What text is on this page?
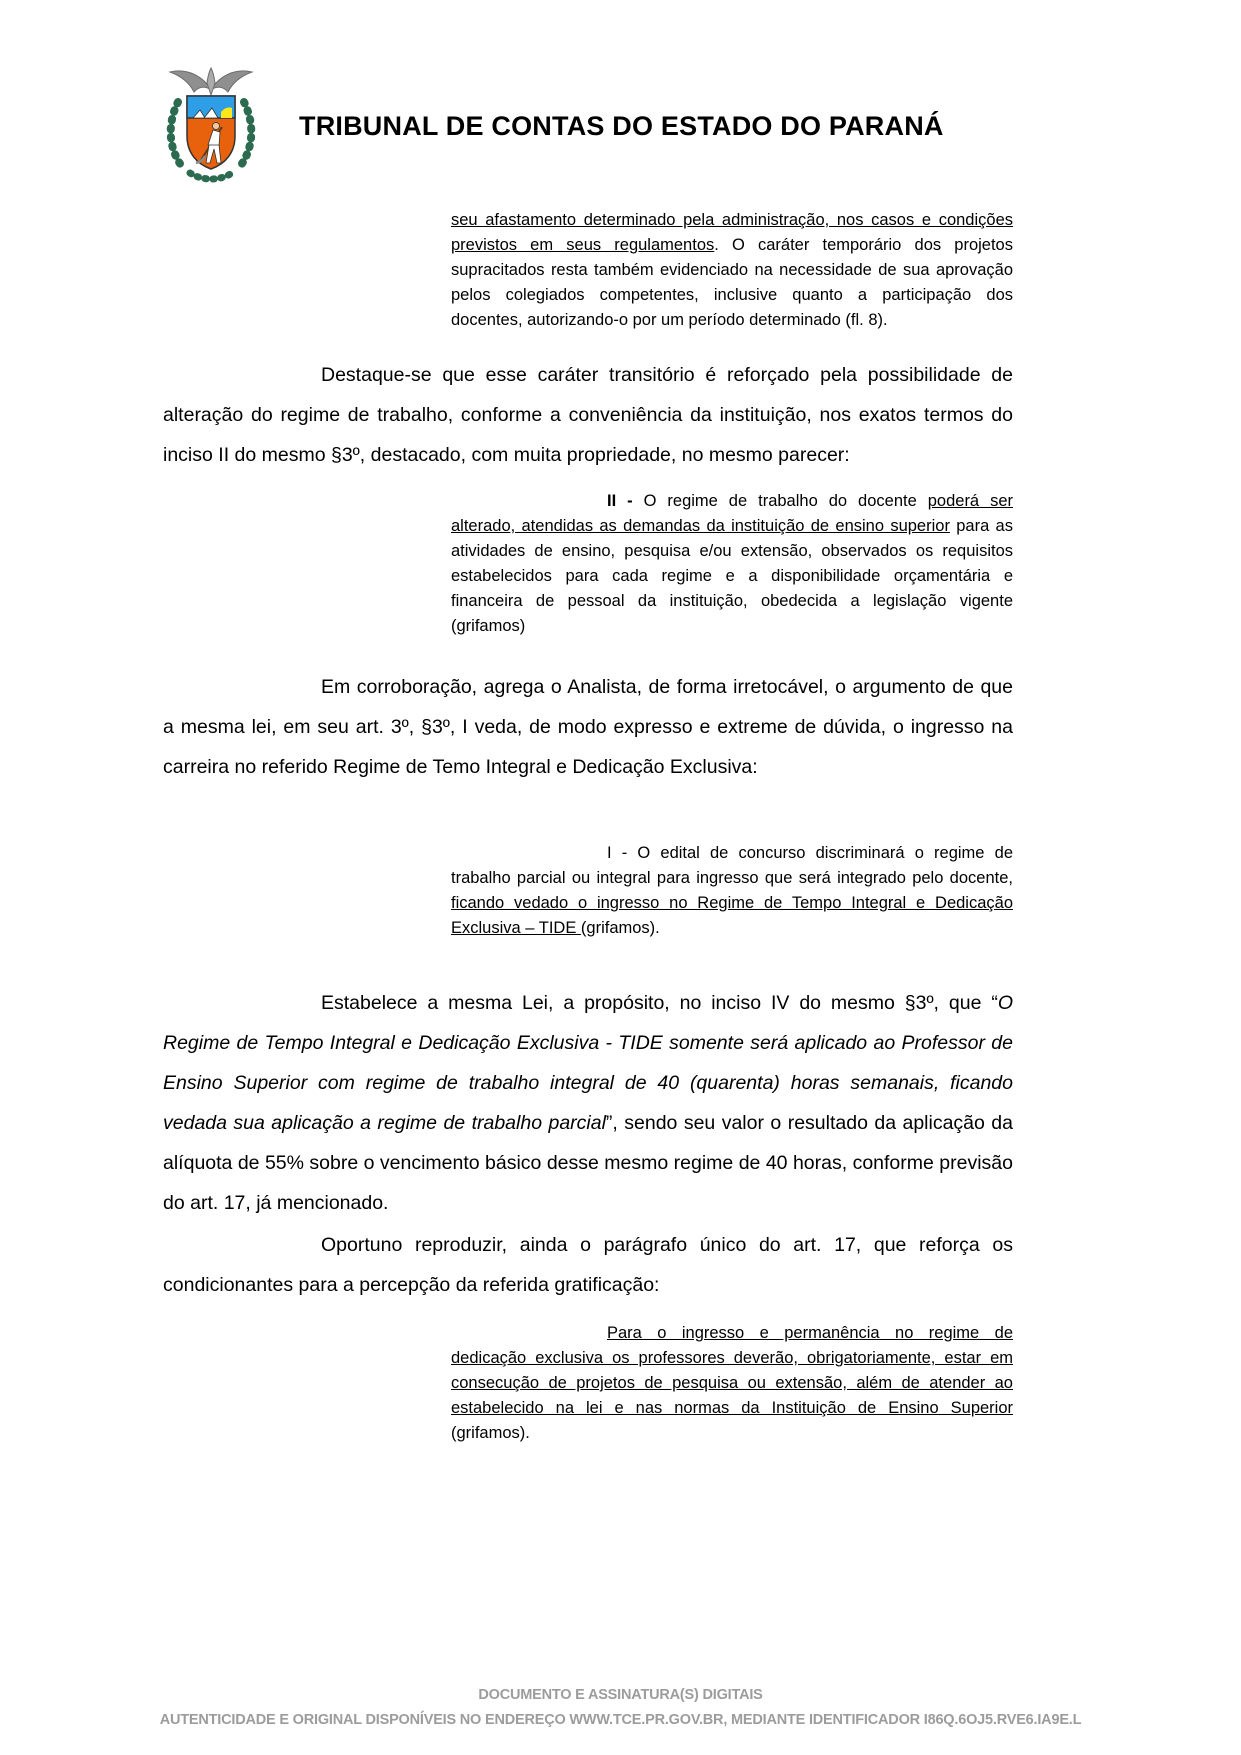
TRIBUNAL DE CONTAS DO ESTADO DO PARANÁ
seu afastamento determinado pela administração, nos casos e condições previstos em seus regulamentos. O caráter temporário dos projetos supracitados resta também evidenciado na necessidade de sua aprovação pelos colegiados competentes, inclusive quanto a participação dos docentes, autorizando-o por um período determinado (fl. 8).

Destaque-se que esse caráter transitório é reforçado pela possibilidade de alteração do regime de trabalho, conforme a conveniência da instituição, nos exatos termos do inciso II do mesmo §3º, destacado, com muita propriedade, no mesmo parecer:

II - O regime de trabalho do docente poderá ser alterado, atendidas as demandas da instituição de ensino superior para as atividades de ensino, pesquisa e/ou extensão, observados os requisitos estabelecidos para cada regime e a disponibilidade orçamentária e financeira de pessoal da instituição, obedecida a legislação vigente (grifamos)

Em corroboração, agrega o Analista, de forma irretocável, o argumento de que a mesma lei, em seu art. 3º, §3º, I veda, de modo expresso e extreme de dúvida, o ingresso na carreira no referido Regime de Temo Integral e Dedicação Exclusiva:

I - O edital de concurso discriminará o regime de trabalho parcial ou integral para ingresso que será integrado pelo docente, ficando vedado o ingresso no Regime de Tempo Integral e Dedicação Exclusiva – TIDE (grifamos).

Estabelece a mesma Lei, a propósito, no inciso IV do mesmo §3º, que “O Regime de Tempo Integral e Dedicação Exclusiva - TIDE somente será aplicado ao Professor de Ensino Superior com regime de trabalho integral de 40 (quarenta) horas semanais, ficando vedada sua aplicação a regime de trabalho parcial”, sendo seu valor o resultado da aplicação da alíquota de 55% sobre o vencimento básico desse mesmo regime de 40 horas, conforme previsão do art. 17, já mencionado.

Oportuno reproduzir, ainda o parágrafo único do art. 17, que reforça os condicionantes para a percepção da referida gratificação:

Para o ingresso e permanência no regime de dedicação exclusiva os professores deverão, obrigatoriamente, estar em consecução de projetos de pesquisa ou extensão, além de atender ao estabelecido na lei e nas normas da Instituição de Ensino Superior (grifamos).
DOCUMENTO E ASSINATURA(S) DIGITAIS
AUTENTICIDADE E ORIGINAL DISPONÍVEIS NO ENDEREÇO WWW.TCE.PR.GOV.BR, MEDIANTE IDENTIFICADOR I86Q.6OJ5.RVE6.IA9E.L
